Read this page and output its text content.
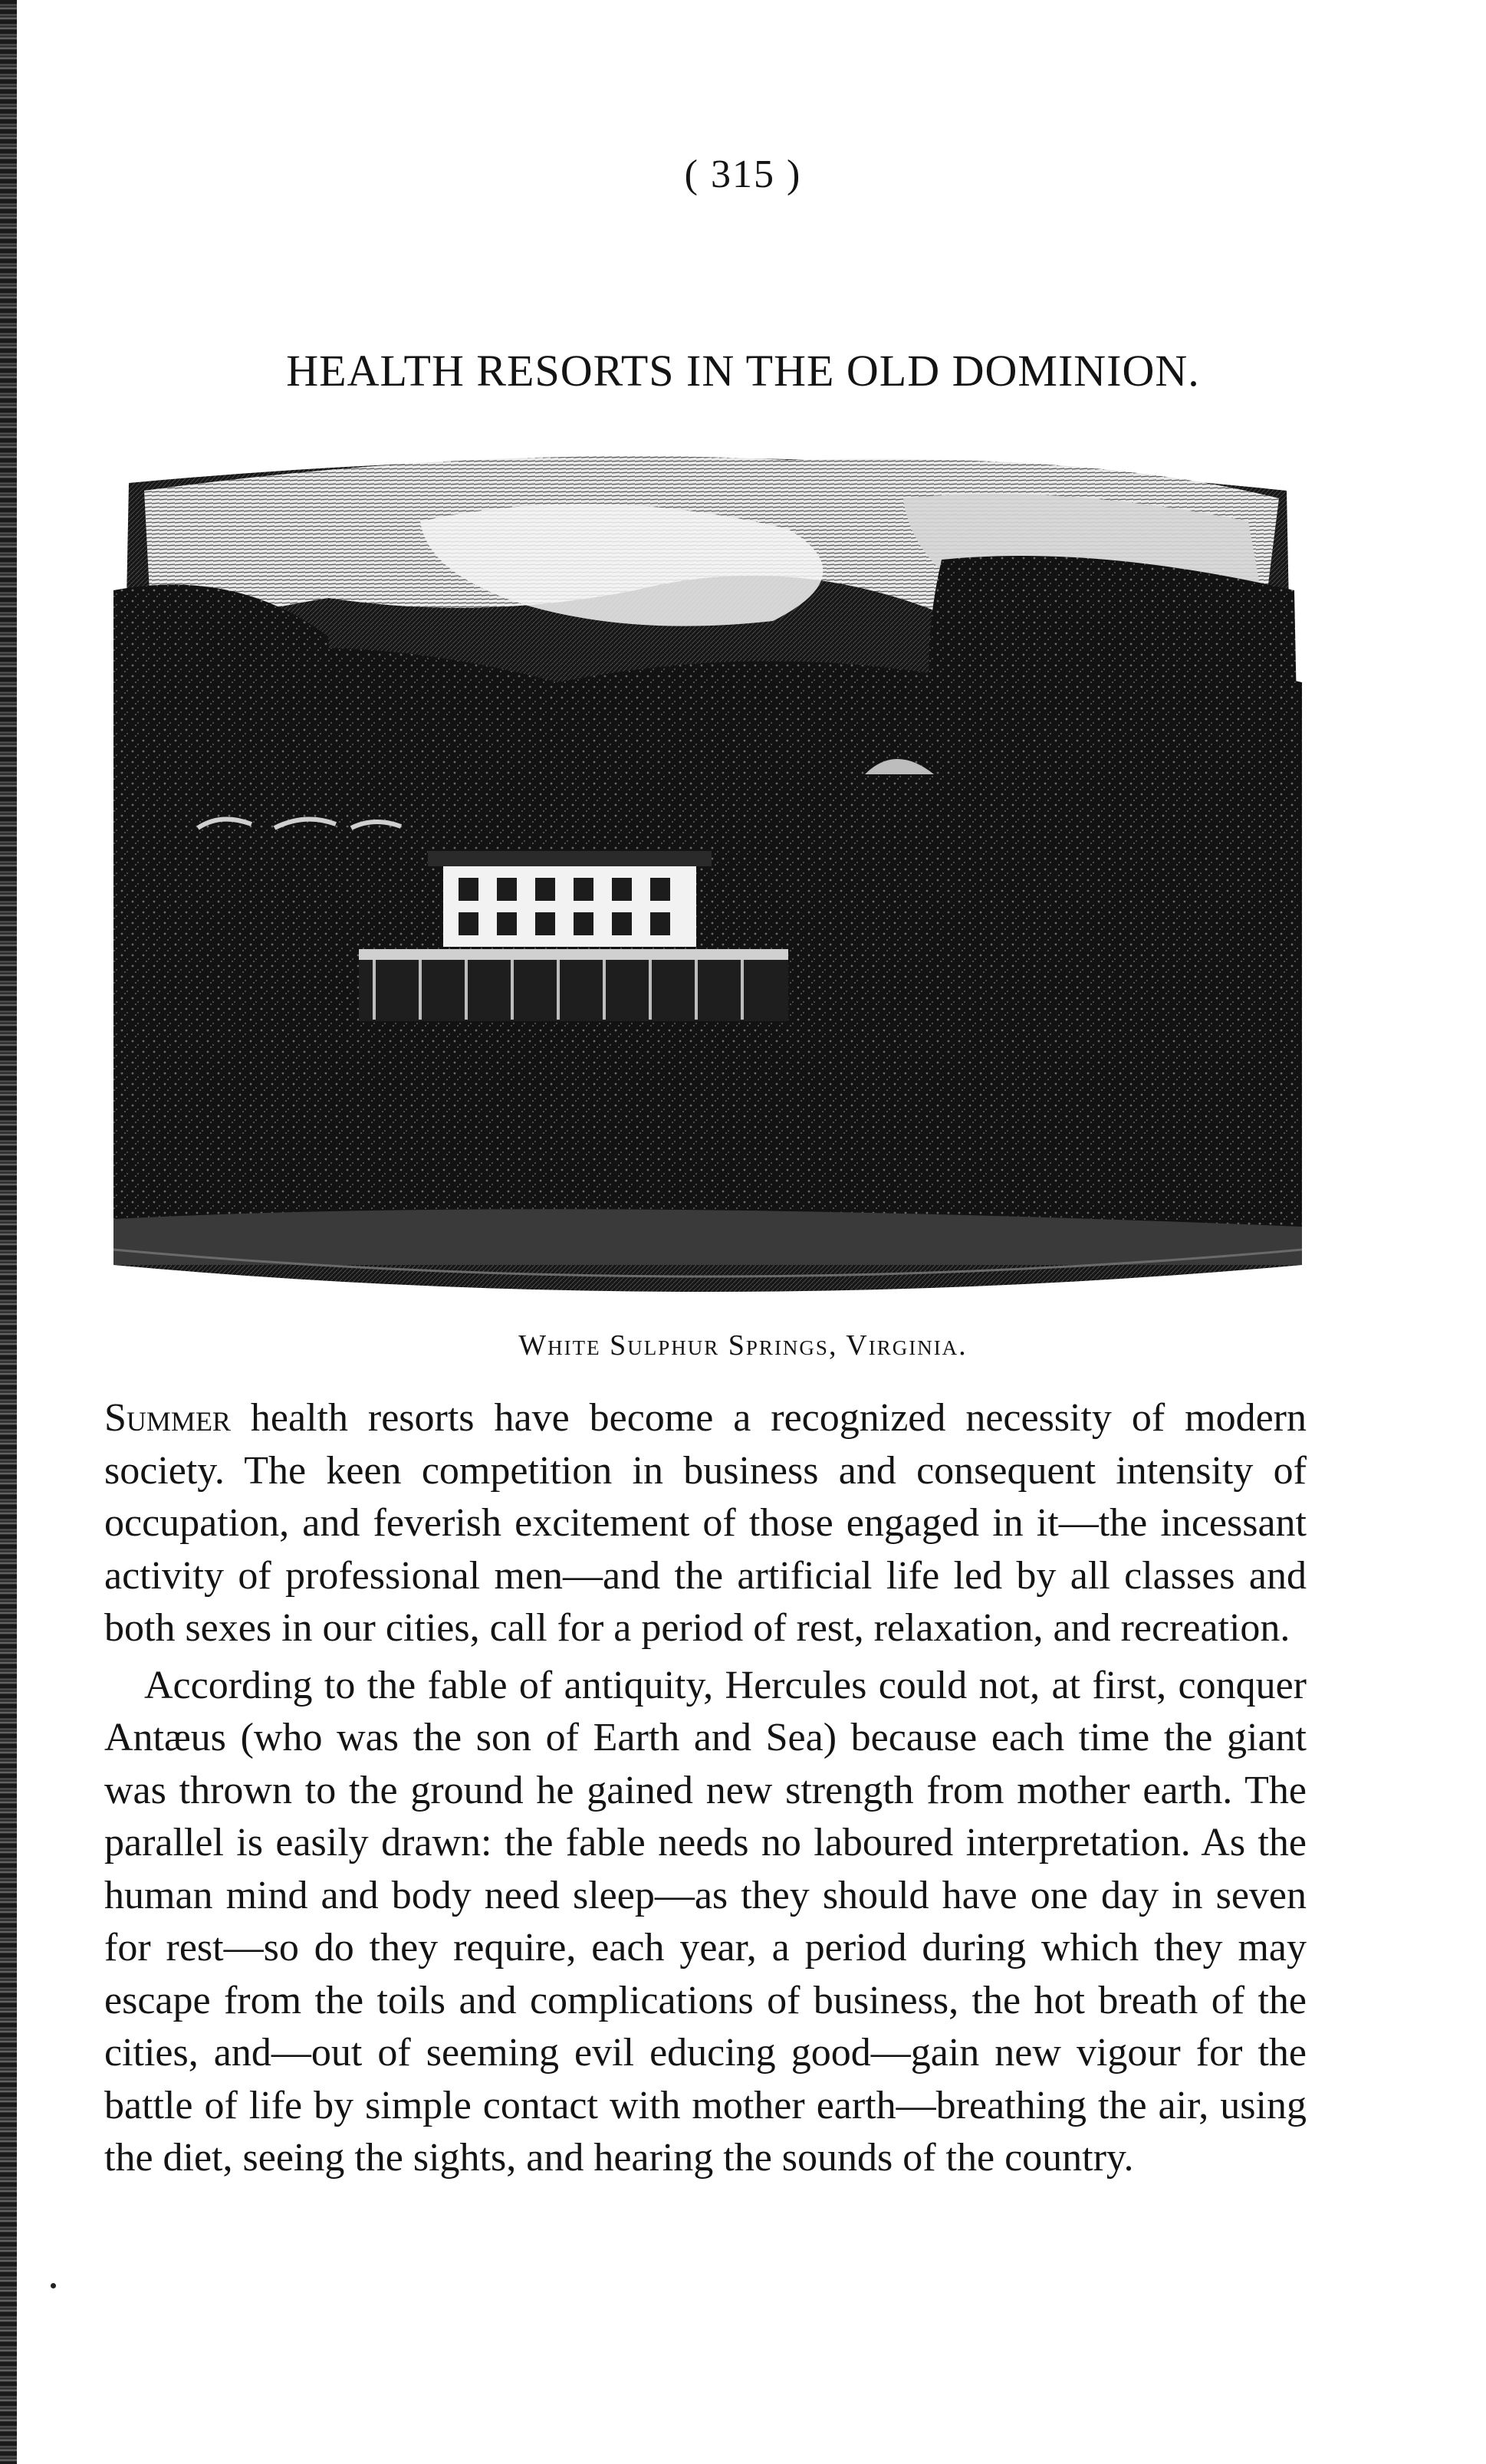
( 315 )
HEALTH RESORTS IN THE OLD DOMINION.
White Sulphur Springs, Virginia.

Summer health resorts have become a recognized necessity of modern society. The keen competition in business and consequent intensity of occupation, and feverish excitement of those engaged in it—the incessant activity of professional men—and the artificial life led by all classes and both sexes in our cities, call for a period of rest, relaxation, and recreation.

According to the fable of antiquity, Hercules could not, at first, conquer Antæus (who was the son of Earth and Sea) because each time the giant was thrown to the ground he gained new strength from mother earth. The parallel is easily drawn: the fable needs no laboured interpretation. As the human mind and body need sleep—as they should have one day in seven for rest—so do they require, each year, a period during which they may escape from the toils and complications of business, the hot breath of the cities, and—out of seeming evil educing good—gain new vigour for the battle of life by simple contact with mother earth—breathing the air, using the diet, seeing the sights, and hearing the sounds of the country.
